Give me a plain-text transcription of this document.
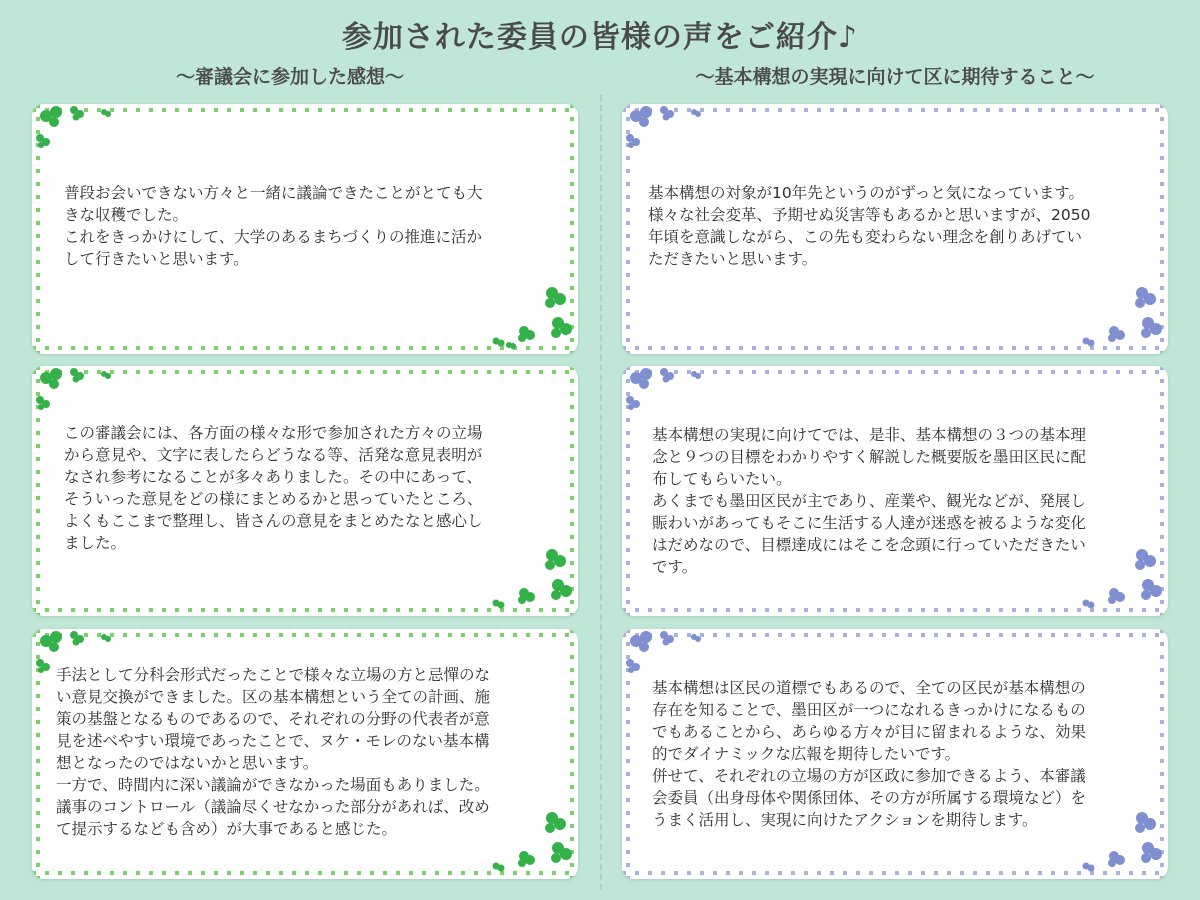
参加された委員の皆様の声をご紹介♪
～審議会に参加した感想～	～基本構想の実現に向けて区に期待すること～
普段お会いできない方々と一緒に議論できたことがとても大
きな収穫でした。
これをきっかけにして、大学のあるまちづくりの推進に活か
して行きたいと思います。
この審議会には、各方面の様々な形で参加された方々の立場
から意見や、文字に表したらどうなる等、活発な意見表明が
なされ参考になることが多々ありました。その中にあって、
そういった意見をどの様にまとめるかと思っていたところ、
よくもここまで整理し、皆さんの意見をまとめたなと感心し
ました。
手法として分科会形式だったことで様々な立場の方と忌憚のな
い意見交換ができました。区の基本構想という全ての計画、施
策の基盤となるものであるので、それぞれの分野の代表者が意
見を述べやすい環境であったことで、ヌケ・モレのない基本構
想となったのではないかと思います。
一方で、時間内に深い議論ができなかった場面もありました。
議事のコントロール（議論尽くせなかった部分があれば、改め
て提示するなども含め）が大事であると感じた。
基本構想の対象が10年先というのがずっと気になっています。
様々な社会変革、予期せぬ災害等もあるかと思いますが、2050
年頃を意識しながら、この先も変わらない理念を創りあげてい
ただきたいと思います。
基本構想の実現に向けてでは、是非、基本構想の３つの基本理
念と９つの目標をわかりやすく解説した概要版を墨田区民に配
布してもらいたい。
あくまでも墨田区民が主であり、産業や、観光などが、発展し
賑わいがあってもそこに生活する人達が迷惑を被るような変化
はだめなので、目標達成にはそこを念頭に行っていただきたい
です。
基本構想は区民の道標でもあるので、全ての区民が基本構想の
存在を知ることで、墨田区が一つになれるきっかけになるもの
でもあることから、あらゆる方々が目に留まれるような、効果
的でダイナミックな広報を期待したいです。
併せて、それぞれの立場の方が区政に参加できるよう、本審議
会委員（出身母体や関係団体、その方が所属する環境など）を
うまく活用し、実現に向けたアクションを期待します。
